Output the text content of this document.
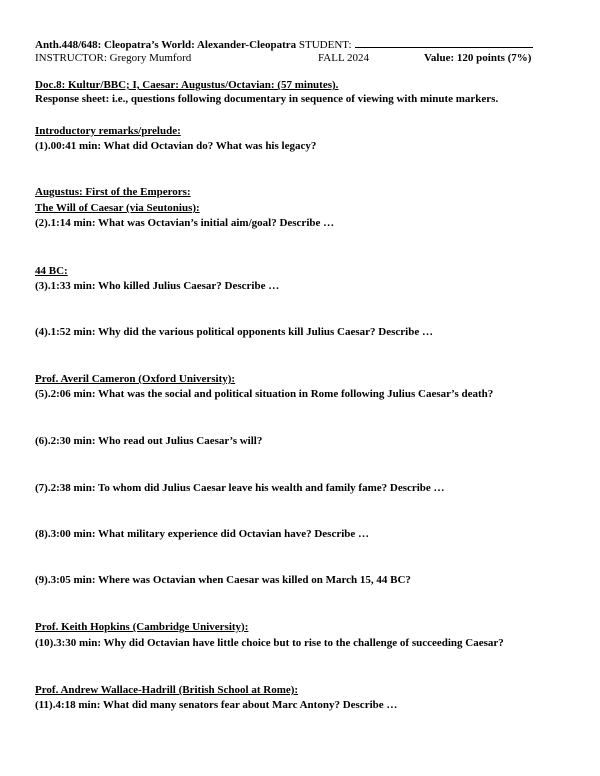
Anth.448/648: Cleopatra’s World: Alexander-Cleopatra STUDENT:
INSTRUCTOR: Gregory Mumford	FALL 2024	Value: 120 points (7%)
Doc.8: Kultur/BBC; I, Caesar: Augustus/Octavian: (57 minutes).
Response sheet: i.e., questions following documentary in sequence of viewing with minute markers.
Introductory remarks/prelude:
(1).00:41 min: What did Octavian do? What was his legacy?
Augustus: First of the Emperors:
The Will of Caesar (via Seutonius):
(2).1:14 min: What was Octavian’s initial aim/goal? Describe …
44 BC:
(3).1:33 min: Who killed Julius Caesar? Describe …
(4).1:52 min: Why did the various political opponents kill Julius Caesar? Describe …
Prof. Averil Cameron (Oxford University):
(5).2:06 min: What was the social and political situation in Rome following Julius Caesar’s death?
(6).2:30 min: Who read out Julius Caesar’s will?
(7).2:38 min: To whom did Julius Caesar leave his wealth and family fame? Describe …
(8).3:00 min: What military experience did Octavian have? Describe …
(9).3:05 min: Where was Octavian when Caesar was killed on March 15, 44 BC?
Prof. Keith Hopkins (Cambridge University):
(10).3:30 min: Why did Octavian have little choice but to rise to the challenge of succeeding Caesar?
Prof. Andrew Wallace-Hadrill (British School at Rome):
(11).4:18 min: What did many senators fear about Marc Antony? Describe …
